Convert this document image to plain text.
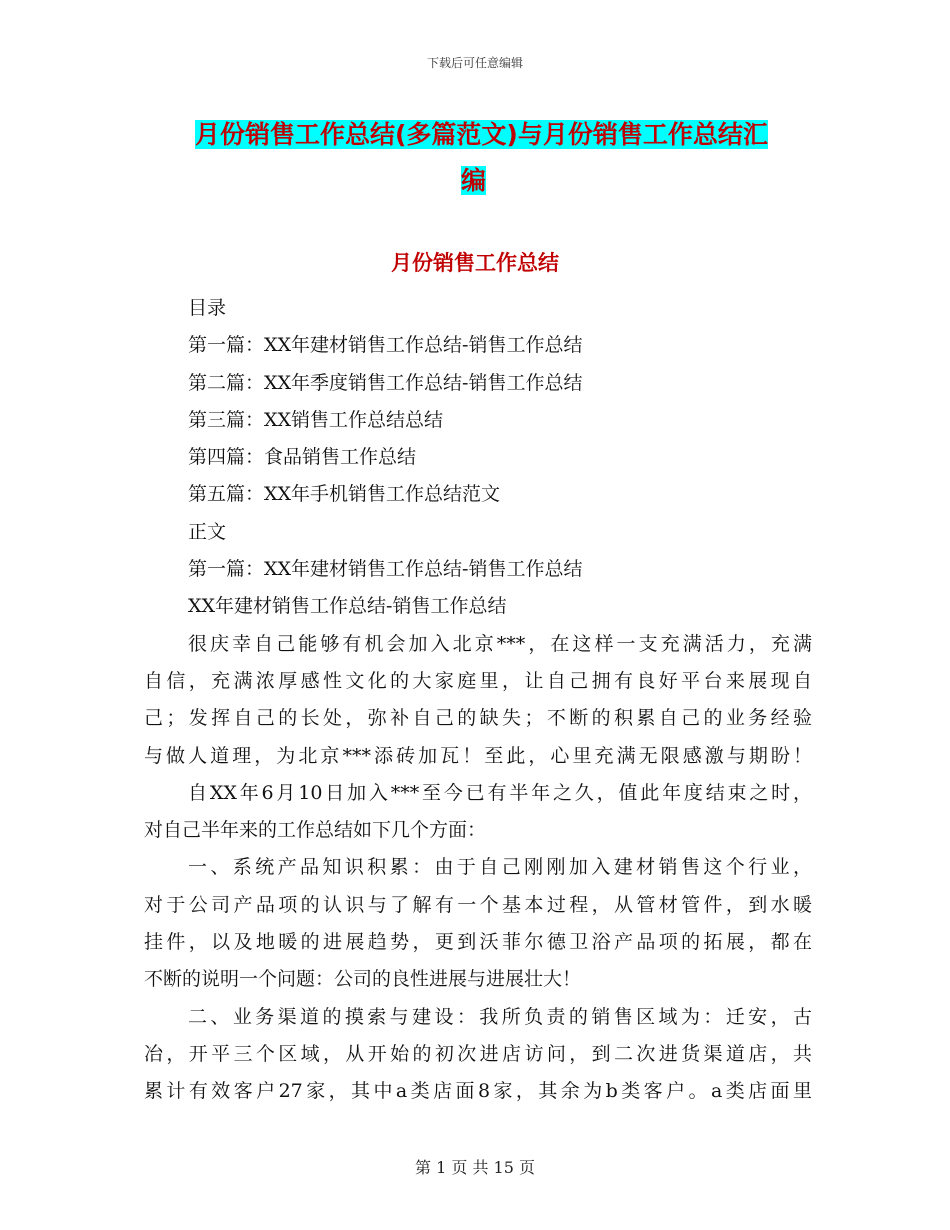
下载后可任意编辑
月份销售工作总结(多篇范文)与月份销售工作总结汇
编
月份销售工作总结
目录
第一篇：XX年建材销售工作总结-销售工作总结
第二篇：XX年季度销售工作总结-销售工作总结
第三篇：XX销售工作总结总结
第四篇：食品销售工作总结
第五篇：XX年手机销售工作总结范文
正文
第一篇：XX年建材销售工作总结-销售工作总结
XX年建材销售工作总结-销售工作总结
很庆幸自己能够有机会加入北京***，在这样一支充满活力，充满
自信，充满浓厚感性文化的大家庭里，让自己拥有良好平台来展现自
己；发挥自己的长处，弥补自己的缺失；不断的积累自己的业务经验
与做人道理，为北京***添砖加瓦！至此，心里充满无限感激与期盼！
自XX年6月10日加入***至今已有半年之久，值此年度结束之时，
对自己半年来的工作总结如下几个方面：
一、系统产品知识积累：由于自己刚刚加入建材销售这个行业，
对于公司产品项的认识与了解有一个基本过程，从管材管件，到水暖
挂件，以及地暖的进展趋势，更到沃菲尔德卫浴产品项的拓展，都在
不断的说明一个问题：公司的良性进展与进展壮大！
二、业务渠道的摸索与建设：我所负责的销售区域为：迁安，古
冶，开平三个区域，从开始的初次进店访问，到二次进货渠道店，共
累计有效客户27家，其中a类店面8家，其余为b类客户。a类店面里
第 1 页 共 15 页
